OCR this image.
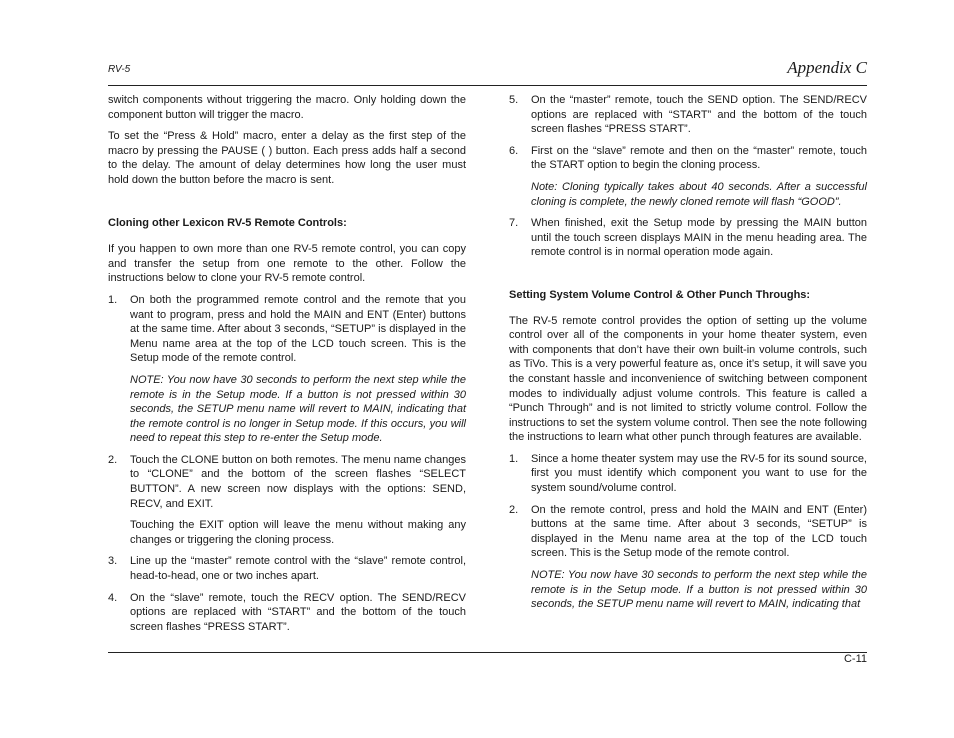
RV-5	Appendix C

switch components without triggering the macro. Only holding down the component button will trigger the macro.

To set the “Press & Hold” macro, enter a delay as the first step of the macro by pressing the PAUSE ( ) button. Each press adds half a second to the delay. The amount of delay determines how long the user must hold down the button before the macro is sent.

Cloning other Lexicon RV-5 Remote Controls:

If you happen to own more than one RV-5 remote control, you can copy and transfer the setup from one remote to the other. Follow the instructions below to clone your RV-5 remote control.

1.	On both the programmed remote control and the remote that you want to program, press and hold the MAIN and ENT (Enter) buttons at the same time. After about 3 seconds, “SETUP” is displayed in the Menu name area at the top of the LCD touch screen. This is the Setup mode of the remote control.
NOTE: You now have 30 seconds to perform the next step while the remote is in the Setup mode. If a button is not pressed within 30 seconds, the SETUP menu name will revert to MAIN, indicating that the remote control is no longer in Setup mode. If this occurs, you will need to repeat this step to re-enter the Setup mode.
2.	Touch the CLONE button on both remotes. The menu name changes to “CLONE” and the bottom of the screen flashes “SELECT BUTTON”. A new screen now displays with the options: SEND, RECV, and EXIT.
Touching the EXIT option will leave the menu without making any changes or triggering the cloning process.
3.	Line up the “master” remote control with the “slave” remote control, head-to-head, one or two inches apart.
4.	On the “slave” remote, touch the RECV option. The SEND/RECV options are replaced with “START” and the bottom of the touch screen flashes “PRESS START”.
5.	On the “master” remote, touch the SEND option. The SEND/RECV options are replaced with “START” and the bottom of the touch screen flashes “PRESS START”.
6.	First on the “slave” remote and then on the “master” remote, touch the START option to begin the cloning process.
Note: Cloning typically takes about 40 seconds. After a successful cloning is complete, the newly cloned remote will flash “GOOD”.
7.	When finished, exit the Setup mode by pressing the MAIN button until the touch screen displays MAIN in the menu heading area. The remote control is in normal operation mode again.
Setting System Volume Control & Other Punch Throughs:

The RV-5 remote control provides the option of setting up the volume control over all of the components in your home theater system, even with components that don’t have their own built-in volume controls, such as TiVo. This is a very powerful feature as, once it’s setup, it will save you the constant hassle and inconvenience of switching between component modes to individually adjust volume controls. This feature is called a “Punch Through” and is not limited to strictly volume control. Follow the instructions to set the system volume control. Then see the note following the instructions to learn what other punch through features are available.

1.	Since a home theater system may use the RV-5 for its sound source, first you must identify which component you want to use for the system sound/volume control.
2.	On the remote control, press and hold the MAIN and ENT (Enter) buttons at the same time. After about 3 seconds, “SETUP” is displayed in the Menu name area at the top of the LCD touch screen. This is the Setup mode of the remote control.
NOTE: You now have 30 seconds to perform the next step while the remote is in the Setup mode. If a button is not pressed within 30 seconds, the SETUP menu name will revert to MAIN, indicating that
C-11
